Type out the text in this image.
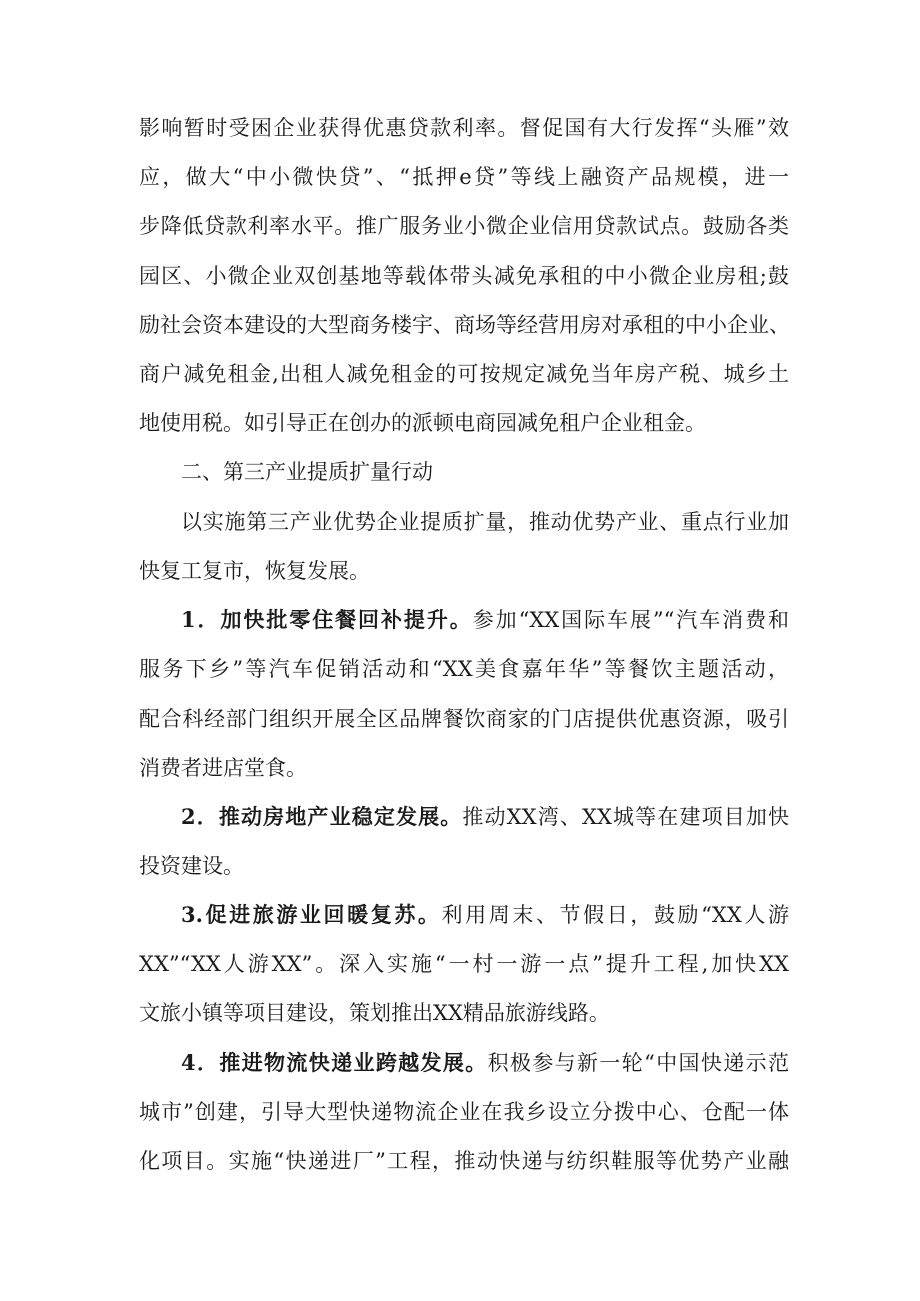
影响暂时受困企业获得优惠贷款利率。督促国有大行发挥“头雁”效
应，做大“中小微快贷”、“抵押e贷”等线上融资产品规模，进一
步降低贷款利率水平。推广服务业小微企业信用贷款试点。鼓励各类
园区、小微企业双创基地等载体带头减免承租的中小微企业房租;鼓
励社会资本建设的大型商务楼宇、商场等经营用房对承租的中小企业、
商户减免租金,出租人减免租金的可按规定减免当年房产税、城乡土
地使用税。如引导正在创办的派顿电商园减免租户企业租金。
二、第三产业提质扩量行动
以实施第三产业优势企业提质扩量，推动优势产业、重点行业加
快复工复市，恢复发展。
1．加快批零住餐回补提升。参加“XX国际车展”“汽车消费和
服务下乡”等汽车促销活动和“XX美食嘉年华”等餐饮主题活动，
配合科经部门组织开展全区品牌餐饮商家的门店提供优惠资源，吸引
消费者进店堂食。
2．推动房地产业稳定发展。推动XX湾、XX城等在建项目加快
投资建设。
3.促进旅游业回暖复苏。利用周末、节假日，鼓励“XX人游
XX”“XX人游XX”。深入实施“一村一游一点”提升工程,加快XX
文旅小镇等项目建设，策划推出XX精品旅游线路。
4．推进物流快递业跨越发展。积极参与新一轮“中国快递示范
城市”创建，引导大型快递物流企业在我乡设立分拨中心、仓配一体
化项目。实施“快递进厂”工程，推动快递与纺织鞋服等优势产业融
